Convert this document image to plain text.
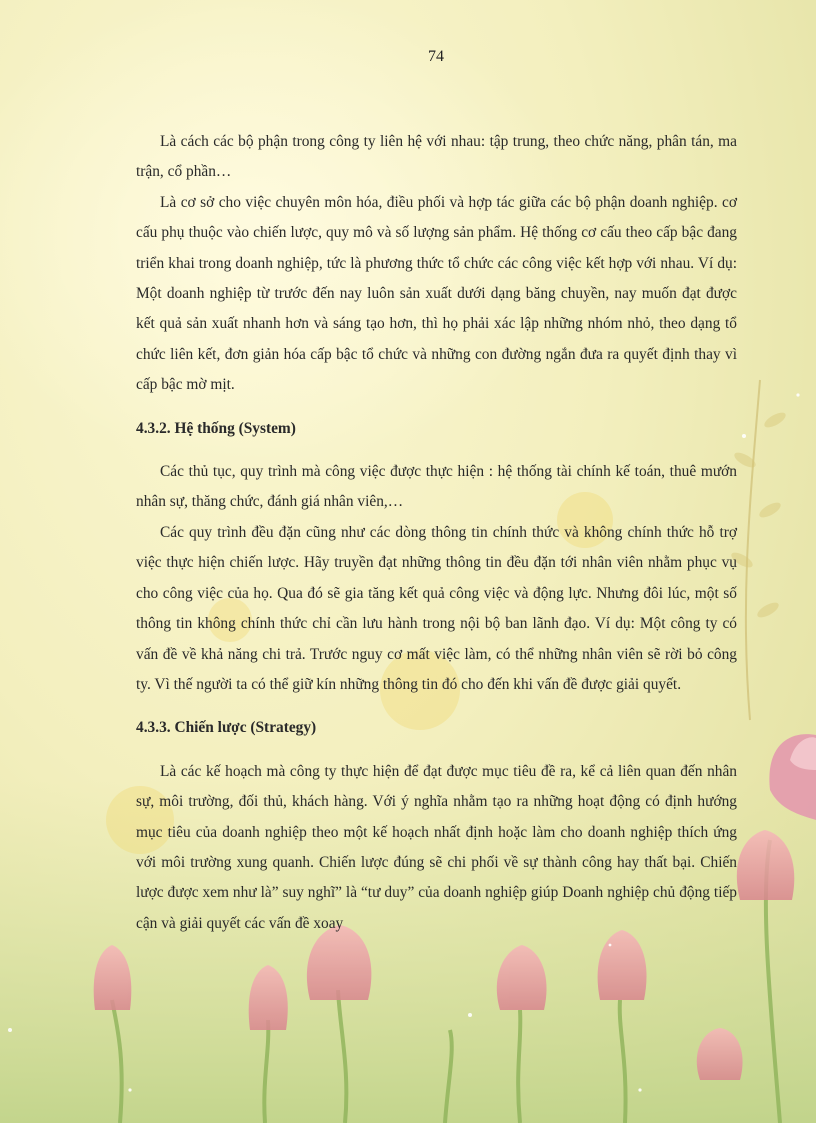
74

Là cách các bộ phận trong công ty liên hệ với nhau: tập trung, theo chức năng, phân tán, ma trận, cổ phần…

Là cơ sở cho việc chuyên môn hóa, điều phối và hợp tác giữa các bộ phận doanh nghiệp. cơ cấu phụ thuộc vào chiến lược, quy mô và số lượng sản phẩm. Hệ thống cơ cấu theo cấp bậc đang triển khai trong doanh nghiệp, tức là phương thức tổ chức các công việc kết hợp với nhau. Ví dụ: Một doanh nghiệp từ trước đến nay luôn sản xuất dưới dạng băng chuyền, nay muốn đạt được kết quả sản xuất nhanh hơn và sáng tạo hơn, thì họ phải xác lập những nhóm nhỏ, theo dạng tổ chức liên kết, đơn giản hóa cấp bậc tổ chức và những con đường ngắn đưa ra quyết định thay vì cấp bậc mờ mịt.

4.3.2. Hệ thống (System)

Các thủ tục, quy trình mà công việc được thực hiện : hệ thống tài chính kế toán, thuê mướn nhân sự, thăng chức, đánh giá nhân viên,…

Các quy trình đều đặn cũng như các dòng thông tin chính thức và không chính thức hỗ trợ việc thực hiện chiến lược. Hãy truyền đạt những thông tin đều đặn tới nhân viên nhằm phục vụ cho công việc của họ. Qua đó sẽ gia tăng kết quả công việc và động lực. Nhưng đôi lúc, một số thông tin không chính thức chỉ cần lưu hành trong nội bộ ban lãnh đạo. Ví dụ: Một công ty có vấn đề về khả năng chi trả. Trước nguy cơ mất việc làm, có thể những nhân viên sẽ rời bỏ công ty. Vì thế người ta có thể giữ kín những thông tin đó cho đến khi vấn đề được giải quyết.

4.3.3. Chiến lược (Strategy)

Là các kế hoạch mà công ty thực hiện để đạt được mục tiêu đề ra, kể cả liên quan đến nhân sự, môi trường, đối thủ, khách hàng. Với ý nghĩa nhằm tạo ra những hoạt động có định hướng mục tiêu của doanh nghiệp theo một kế hoạch nhất định hoặc làm cho doanh nghiệp thích ứng với môi trường xung quanh. Chiến lược đúng sẽ chi phối về sự thành công hay thất bại. Chiến lược được xem như là” suy nghĩ” là “tư duy” của doanh nghiệp giúp Doanh nghiệp chủ động tiếp cận và giải quyết các vấn đề xoay
